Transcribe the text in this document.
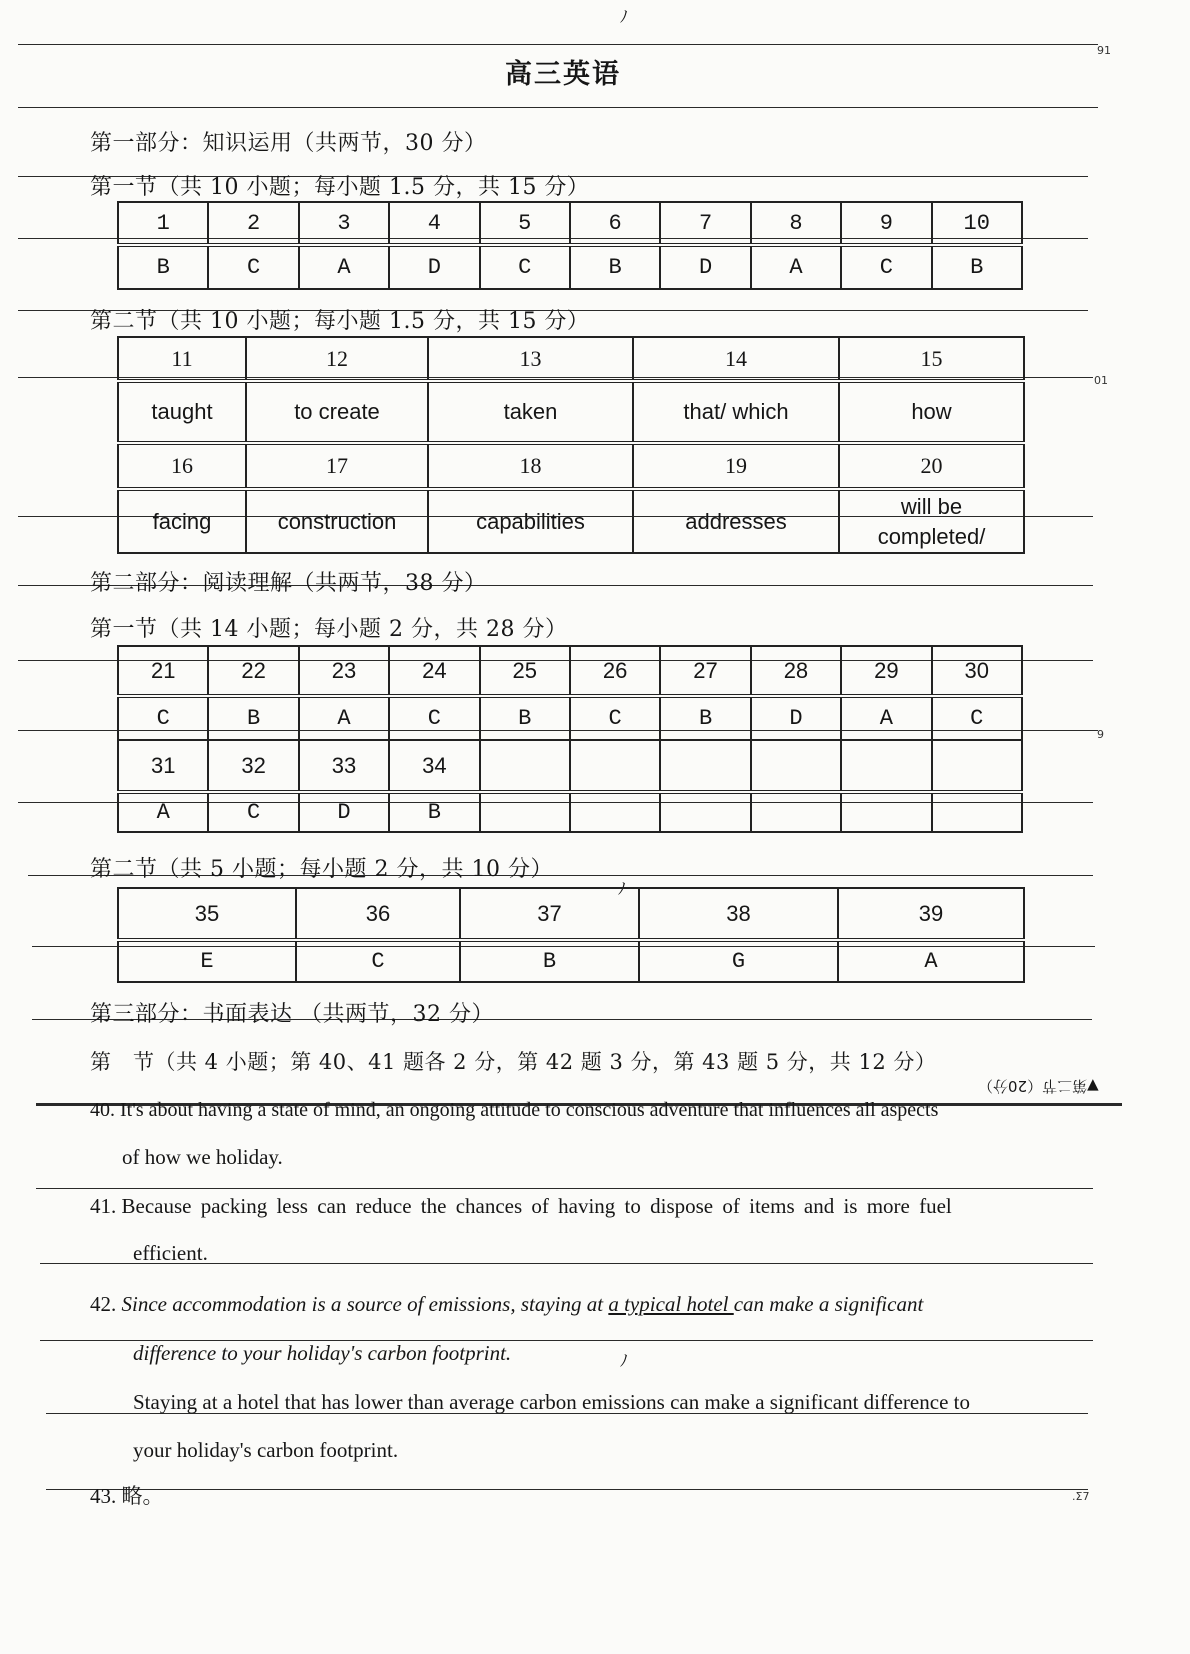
ﾉ
91
01
9
.Σ7
高三英语
第一部分：知识运用（共两节，30 分）
第一节（共 10 小题；每小题 1.5 分，共 15 分）
1	2	3	4	5	6	7	8	9	10
B	C	A	D	C	B	D	A	C	B
第二节（共 10 小题；每小题 1.5 分，共 15 分）
11	12	13	14	15
taught	to create	taken	that/ which	how
16	17	18	19	20
facing	construction	capabilities	addresses	will be completed/
第二部分：阅读理解（共两节，38 分）
第一节（共 14 小题；每小题 2 分，共 28 分）
21	22	23	24	25	26	27	28	29	30
C	B	A	C	B	C	B	D	A	C
31	32	33	34						
A	C	D	B						
第二节（共 5 小题；每小题 2 分，共 10 分）
ﾉ
35	36	37	38	39
E	C	B	G	A
第三部分：书面表达 （共两节，32 分）
第　节（共 4 小题；第 40、41 题各 2 分，第 42 题 3 分，第 43 题 5 分，共 12 分）
▼第二节（20分）
40. It's about having a state of mind, an ongoing attitude to conscious adventure that influences all aspects
of how we holiday.
41. Because packing less can reduce the chances of having to dispose of items and is more fuel
efficient.
42. Since accommodation is a source of emissions, staying at a typical hotel can make a significant
difference to your holiday's carbon footprint.	ﾉ
Staying at a hotel that has lower than average carbon emissions can make a significant difference to
your holiday's carbon footprint.
43. 略。
